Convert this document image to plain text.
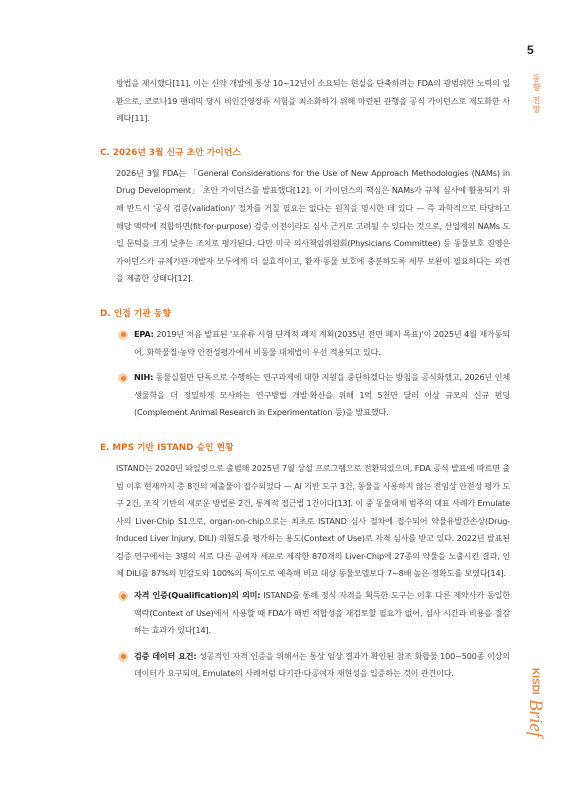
5
동향 전망
KISDI
Brief

방법을 제시했다[11]. 이는 신약 개발에 통상 10~12년이 소요되는 현실을 단축하려는 FDA의 광범위한 노력의 일환으로, 코로나19 팬데믹 당시 비인간영장류 시험을 최소화하기 위해 마련된 관행을 공식 가이던스로 제도화한 사례다[11].

C. 2026년 3월 신규 초안 가이던스

2026년 3월 FDA는 「General Considerations for the Use of New Approach Methodologies (NAMs) in Drug Development」 초안 가이던스를 발표했다[12]. 이 가이던스의 핵심은 NAMs가 규제 심사에 활용되기 위해 반드시 '공식 검증(validation)' 절차를 거칠 필요는 없다는 원칙을 명시한 데 있다 — 즉 과학적으로 타당하고 해당 맥락에 적합하면(fit-for-purpose) 검증 이전이라도 심사 근거로 고려될 수 있다는 것으로, 산업계의 NAMs 도입 문턱을 크게 낮추는 조치로 평가된다. 다만 미국 의사책임위원회(Physicians Committee) 등 동물보호 진영은 가이던스가 규제기관·개발자 모두에게 더 실효적이고, 환자·동물 보호에 충분하도록 세부 보완이 필요하다는 의견을 제출한 상태다[12].

D. 인접 기관 동향
EPA: 2019년 처음 발표된 '포유류 시험 단계적 폐지 계획(2035년 전면 폐지 목표)'이 2025년 4월 재가동되어, 화학물질·농약 안전성평가에서 비동물 대체법이 우선 적용되고 있다.
NIH: 동물실험만 단독으로 수행하는 연구과제에 대한 지원을 중단하겠다는 방침을 공식화했고, 2026년 인체 생물학을 더 정밀하게 모사하는 연구방법 개발·확산을 위해 1억 5천만 달러 이상 규모의 신규 펀딩(Complement Animal Research in Experimentation 등)을 발표했다.
E. MPS 기반 ISTAND 승인 현황

ISTAND는 2020년 파일럿으로 출범해 2025년 7월 상설 프로그램으로 전환되었으며, FDA 공식 발표에 따르면 출범 이후 현재까지 총 8건의 제출물이 접수되었다 — AI 기반 도구 3건, 동물을 사용하지 않는 전임상 안전성 평가 도구 2건, 조직 기반의 새로운 방법론 2건, 통계적 접근법 1건이다[13]. 이 중 동물대체 범주의 대표 사례가 Emulate사의 Liver-Chip S1으로, organ-on-chip으로는 최초로 ISTAND 심사 절차에 접수되어 약물유발간손상(Drug-Induced Liver Injury, DILI) 위험도를 평가하는 용도(Context of Use)로 자격 심사를 받고 있다. 2022년 발표된 검증 연구에서는 3명의 서로 다른 공여자 세포로 제작한 870개의 Liver-Chip에 27종의 약물을 노출시킨 결과, 인체 DILI를 87%의 민감도와 100%의 특이도로 예측해 비교 대상 동물모델보다 7~8배 높은 정확도를 보였다[14].

자격 인증(Qualification)의 의미: ISTAND를 통해 정식 자격을 획득한 도구는 이후 다른 제약사가 동일한 맥락(Context of Use)에서 사용할 때 FDA가 매번 적합성을 재검토할 필요가 없어, 심사 시간과 비용을 절감하는 효과가 있다[14].
검증 데이터 요건: 성공적인 자격 인증을 위해서는 통상 임상 결과가 확인된 참조 화합물 100~500종 이상의 데이터가 요구되며, Emulate의 사례처럼 다기관·다공여자 재현성을 입증하는 것이 관건이다.
